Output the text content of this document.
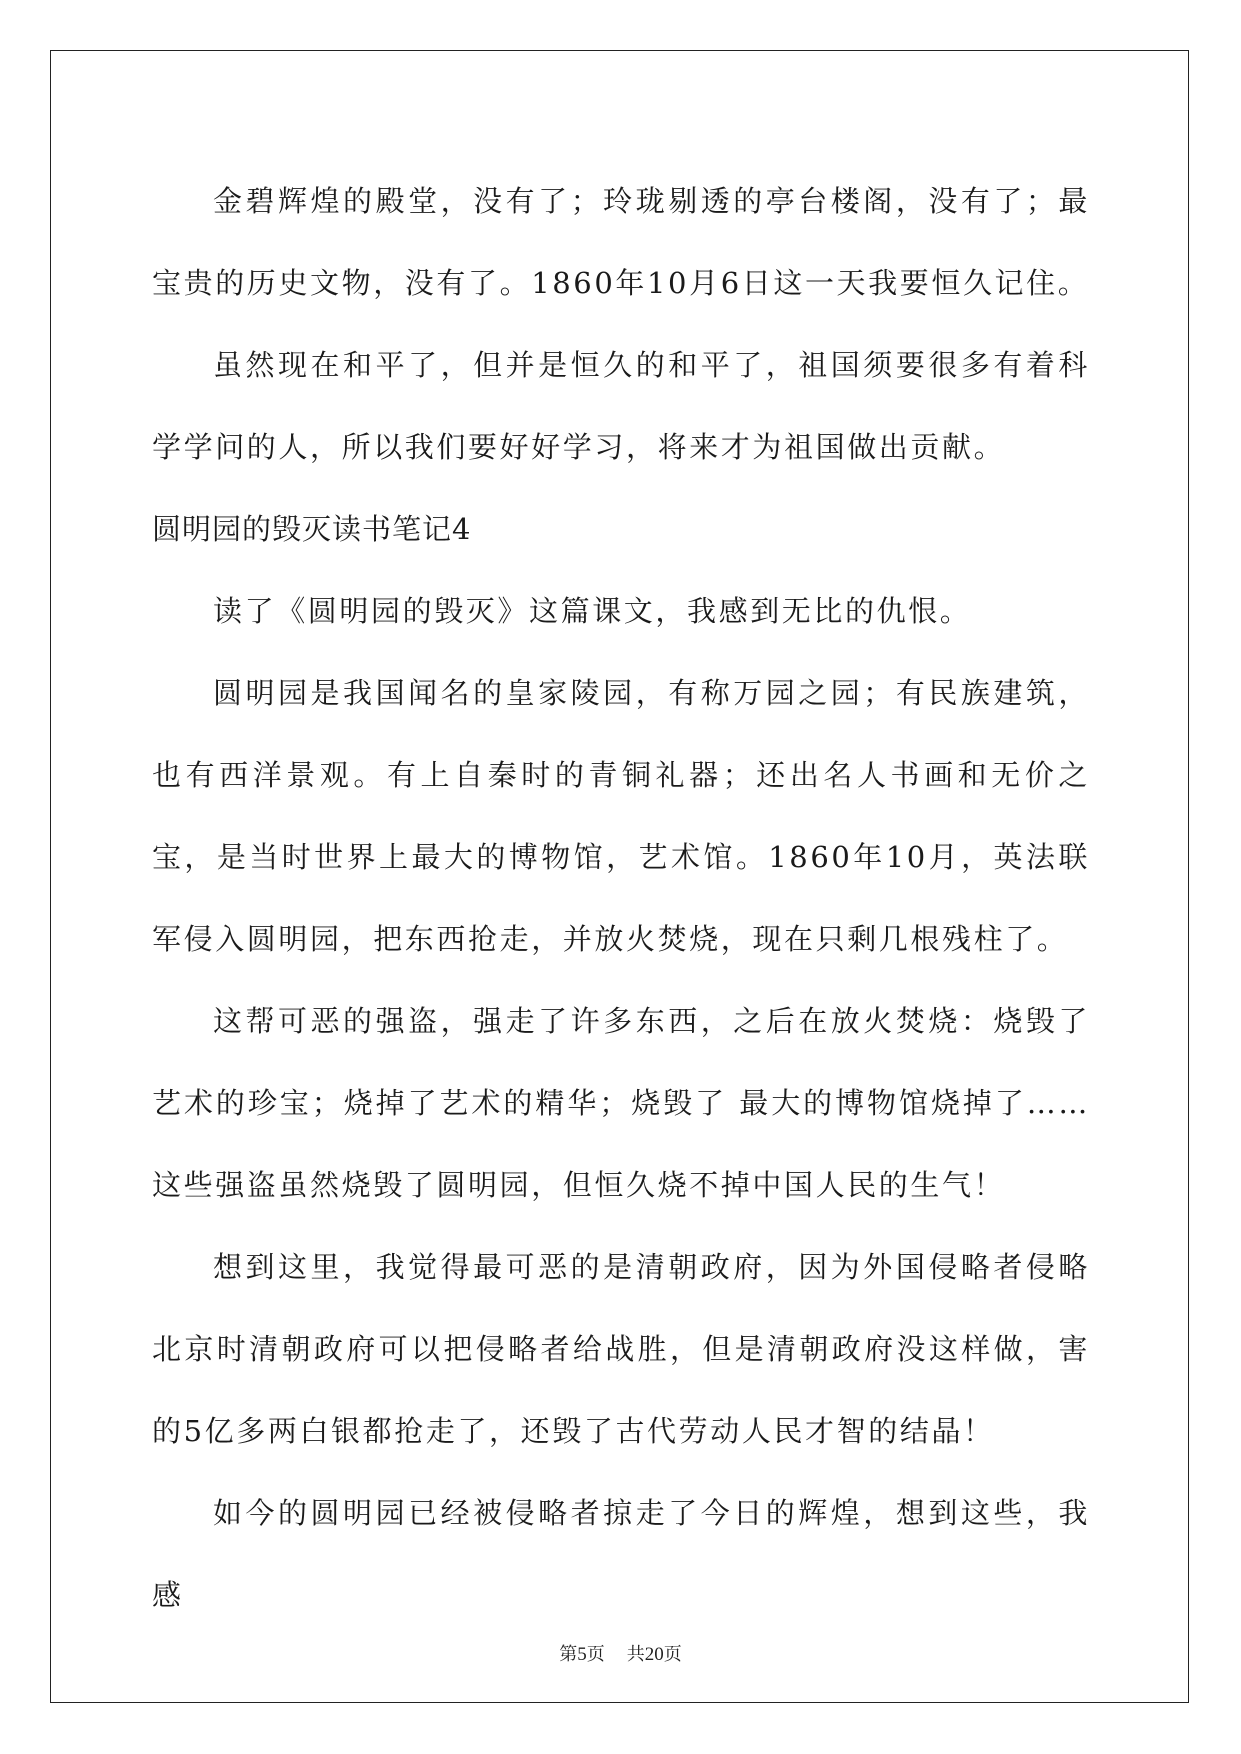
金碧辉煌的殿堂，没有了；玲珑剔透的亭台楼阁，没有了；最宝贵的历史文物，没有了。1860年10月6日这一天我要恒久记住。

虽然现在和平了，但并是恒久的和平了，祖国须要很多有着科学学问的人，所以我们要好好学习，将来才为祖国做出贡献。

圆明园的毁灭读书笔记4

读了《圆明园的毁灭》这篇课文，我感到无比的仇恨。

圆明园是我国闻名的皇家陵园，有称万园之园；有民族建筑，也有西洋景观。有上自秦时的青铜礼器；还出名人书画和无价之宝，是当时世界上最大的博物馆，艺术馆。1860年10月，英法联军侵入圆明园，把东西抢走，并放火焚烧，现在只剩几根残柱了。

这帮可恶的强盗，强走了许多东西，之后在放火焚烧：烧毁了艺术的珍宝；烧掉了艺术的精华；烧毁了 最大的博物馆烧掉了……这些强盗虽然烧毁了圆明园，但恒久烧不掉中国人民的生气！

想到这里，我觉得最可恶的是清朝政府，因为外国侵略者侵略北京时清朝政府可以把侵略者给战胜，但是清朝政府没这样做，害的5亿多两白银都抢走了，还毁了古代劳动人民才智的结晶！

如今的圆明园已经被侵略者掠走了今日的辉煌，想到这些，我感

第5页 共20页
